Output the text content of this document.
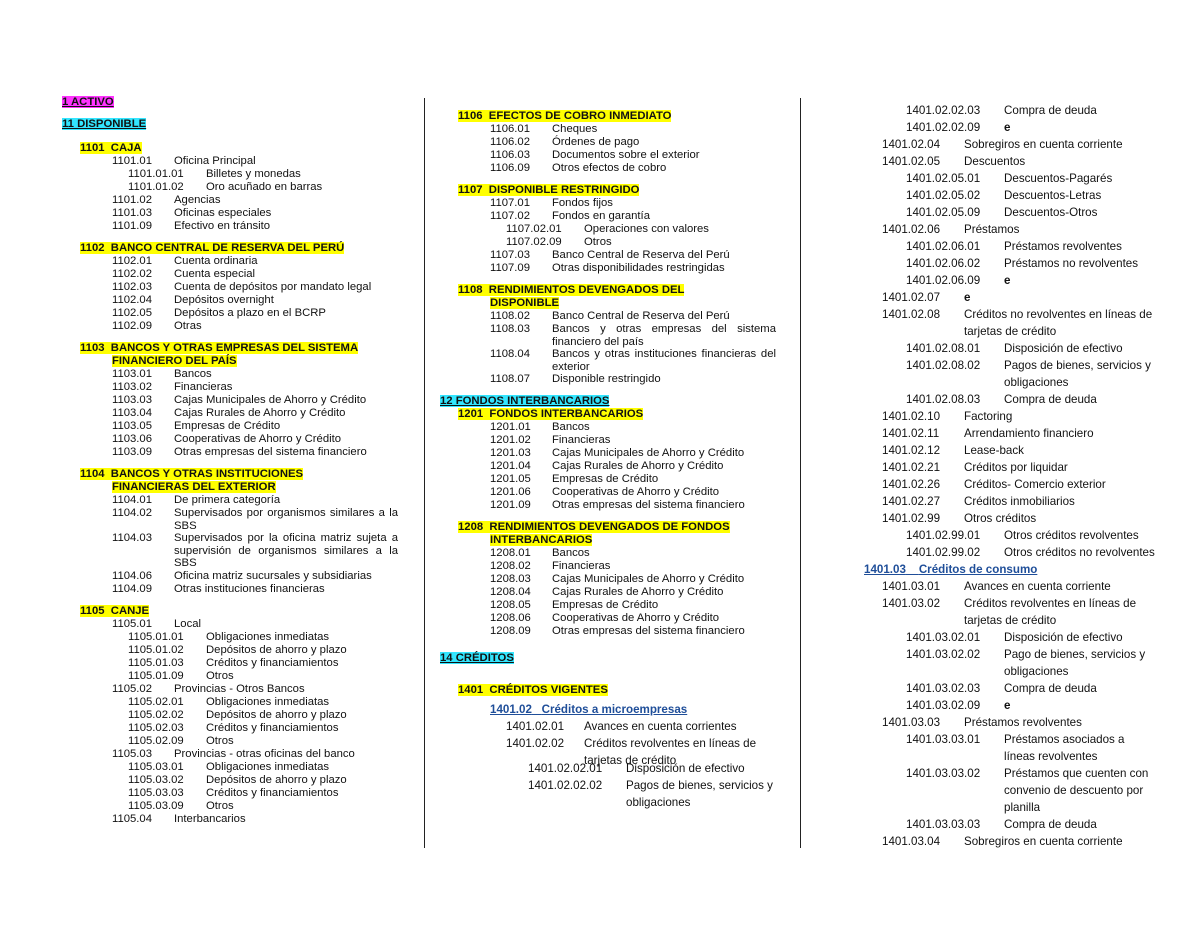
1 ACTIVO
11 DISPONIBLE
1101 CAJA
1101.01 Oficina Principal
1101.01.01 Billetes y monedas
1101.01.02 Oro acuñado en barras
1101.02 Agencias
1101.03 Oficinas especiales
1101.09 Efectivo en tránsito
1102 BANCO CENTRAL DE RESERVA DEL PERÚ
1102.01 Cuenta ordinaria
1102.02 Cuenta especial
1102.03 Cuenta de depósitos por mandato legal
1102.04 Depósitos overnight
1102.05 Depósitos a plazo en el BCRP
1102.09 Otras
1103 BANCOS Y OTRAS EMPRESAS DEL SISTEMA
FINANCIERO DEL PAÍS
1103.01 Bancos
1103.02 Financieras
1103.03 Cajas Municipales de Ahorro y Crédito
1103.04 Cajas Rurales de Ahorro y Crédito
1103.05 Empresas de Crédito
1103.06 Cooperativas de Ahorro y Crédito
1103.09 Otras empresas del sistema financiero
1104 BANCOS Y OTRAS INSTITUCIONES
FINANCIERAS DEL EXTERIOR
1104.01 De primera categoría
1104.02 Supervisados por organismos similares a la SBS
1104.03 Supervisados por la oficina matriz sujeta a supervisión de organismos similares a la SBS
1104.06 Oficina matriz sucursales y subsidiarias
1104.09 Otras instituciones financieras
1105 CANJE
1105.01 Local
1105.01.01 Obligaciones inmediatas
1105.01.02 Depósitos de ahorro y plazo
1105.01.03 Créditos y financiamientos
1105.01.09 Otros
1105.02 Provincias - Otros Bancos
1105.02.01 Obligaciones inmediatas
1105.02.02 Depósitos de ahorro y plazo
1105.02.03 Créditos y financiamientos
1105.02.09 Otros
1105.03 Provincias - otras oficinas del banco
1105.03.01 Obligaciones inmediatas
1105.03.02 Depósitos de ahorro y plazo
1105.03.03 Créditos y financiamientos
1105.03.09 Otros
1105.04 Interbancarios
1106 EFECTOS DE COBRO INMEDIATO
1106.01 Cheques
1106.02 Órdenes de pago
1106.03 Documentos sobre el exterior
1106.09 Otros efectos de cobro
1107 DISPONIBLE RESTRINGIDO
1107.01 Fondos fijos
1107.02 Fondos en garantía
1107.02.01 Operaciones con valores
1107.02.09 Otros
1107.03 Banco Central de Reserva del Perú
1107.09 Otras disponibilidades restringidas
1108 RENDIMIENTOS DEVENGADOS DEL
DISPONIBLE
1108.02 Banco Central de Reserva del Perú
1108.03 Bancos y otras empresas del sistema financiero del país
1108.04 Bancos y otras instituciones financieras del exterior
1108.07 Disponible restringido
12 FONDOS INTERBANCARIOS
1201 FONDOS INTERBANCARIOS
1201.01 Bancos
1201.02 Financieras
1201.03 Cajas Municipales de Ahorro y Crédito
1201.04 Cajas Rurales de Ahorro y Crédito
1201.05 Empresas de Crédito
1201.06 Cooperativas de Ahorro y Crédito
1201.09 Otras empresas del sistema financiero
1208 RENDIMIENTOS DEVENGADOS DE FONDOS
INTERBANCARIOS
1208.01 Bancos
1208.02 Financieras
1208.03 Cajas Municipales de Ahorro y Crédito
1208.04 Cajas Rurales de Ahorro y Crédito
1208.05 Empresas de Crédito
1208.06 Cooperativas de Ahorro y Crédito
1208.09 Otras empresas del sistema financiero
14 CRÉDITOS
1401 CRÉDITOS VIGENTES
1401.02 Créditos a microempresas
1401.02.01 Avances en cuenta corrientes
1401.02.02 Créditos revolventes en líneas de tarjetas de crédito
1401.02.02.01 Disposición de efectivo
1401.02.02.02 Pagos de bienes, servicios y obligaciones
1401.02.02.03 Compra de deuda
1401.02.02.09 e
1401.02.04 Sobregiros en cuenta corriente
1401.02.05 Descuentos
1401.02.05.01 Descuentos-Pagarés
1401.02.05.02 Descuentos-Letras
1401.02.05.09 Descuentos-Otros
1401.02.06 Préstamos
1401.02.06.01 Préstamos revolventes
1401.02.06.02 Préstamos no revolventes
1401.02.06.09 e
1401.02.07 e
1401.02.08 Créditos no revolventes en líneas de tarjetas de crédito
1401.02.08.01 Disposición de efectivo
1401.02.08.02 Pagos de bienes, servicios y obligaciones
1401.02.08.03 Compra de deuda
1401.02.10 Factoring
1401.02.11 Arrendamiento financiero
1401.02.12 Lease-back
1401.02.21 Créditos por liquidar
1401.02.26 Créditos- Comercio exterior
1401.02.27 Créditos inmobiliarios
1401.02.99 Otros créditos
1401.02.99.01 Otros créditos revolventes
1401.02.99.02 Otros créditos no revolventes
1401.03 Créditos de consumo
1401.03.01 Avances en cuenta corriente
1401.03.02 Créditos revolventes en líneas de tarjetas de crédito
1401.03.02.01 Disposición de efectivo
1401.03.02.02 Pago de bienes, servicios y obligaciones
1401.03.02.03 Compra de deuda
1401.03.02.09 e
1401.03.03 Préstamos revolventes
1401.03.03.01 Préstamos asociados a líneas revolventes
1401.03.03.02 Préstamos que cuenten con convenio de descuento por planilla
1401.03.03.03 Compra de deuda
1401.03.04 Sobregiros en cuenta corriente
